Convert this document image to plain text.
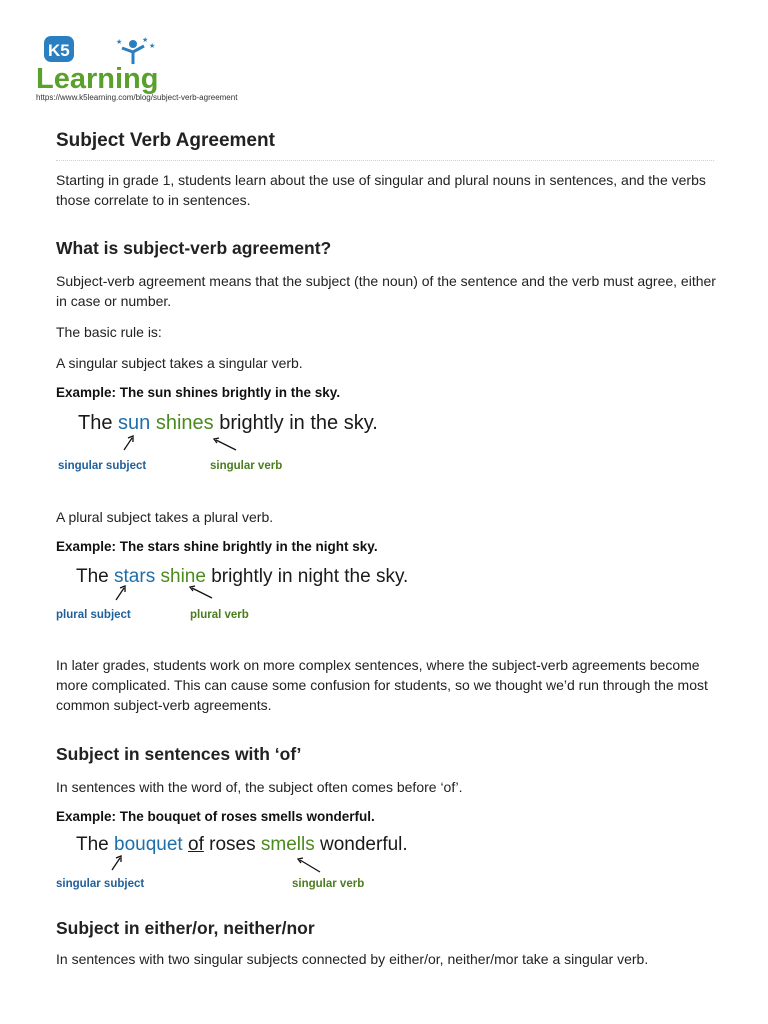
K5
Learning
★	★
★
https://www.k5learning.com/blog/subject-verb-agreement
Subject Verb Agreement
Starting in grade 1, students learn about the use of singular and plural nouns in sentences, and the verbs those correlate to in sentences.
What is subject-verb agreement?
Subject-verb agreement means that the subject (the noun) of the sentence and the verb must agree, either in case or number.
The basic rule is:
A singular subject takes a singular verb.
Example: The sun shines brightly in the sky.
The sun shines brightly in the sky.
singular subject	singular verb
A plural subject takes a plural verb.
Example: The stars shine brightly in the night sky.
The stars shine brightly in night the sky.
plural subject	plural verb
In later grades, students work on more complex sentences, where the subject-verb agreements become more complicated. This can cause some confusion for students, so we thought we’d run through the most common subject-verb agreements.
Subject in sentences with ‘of’
In sentences with the word of, the subject often comes before ‘of’.
Example: The bouquet of roses smells wonderful.
The bouquet of roses smells wonderful.
singular subject	singular verb
Subject in either/or, neither/nor
In sentences with two singular subjects connected by either/or, neither/mor take a singular verb.
